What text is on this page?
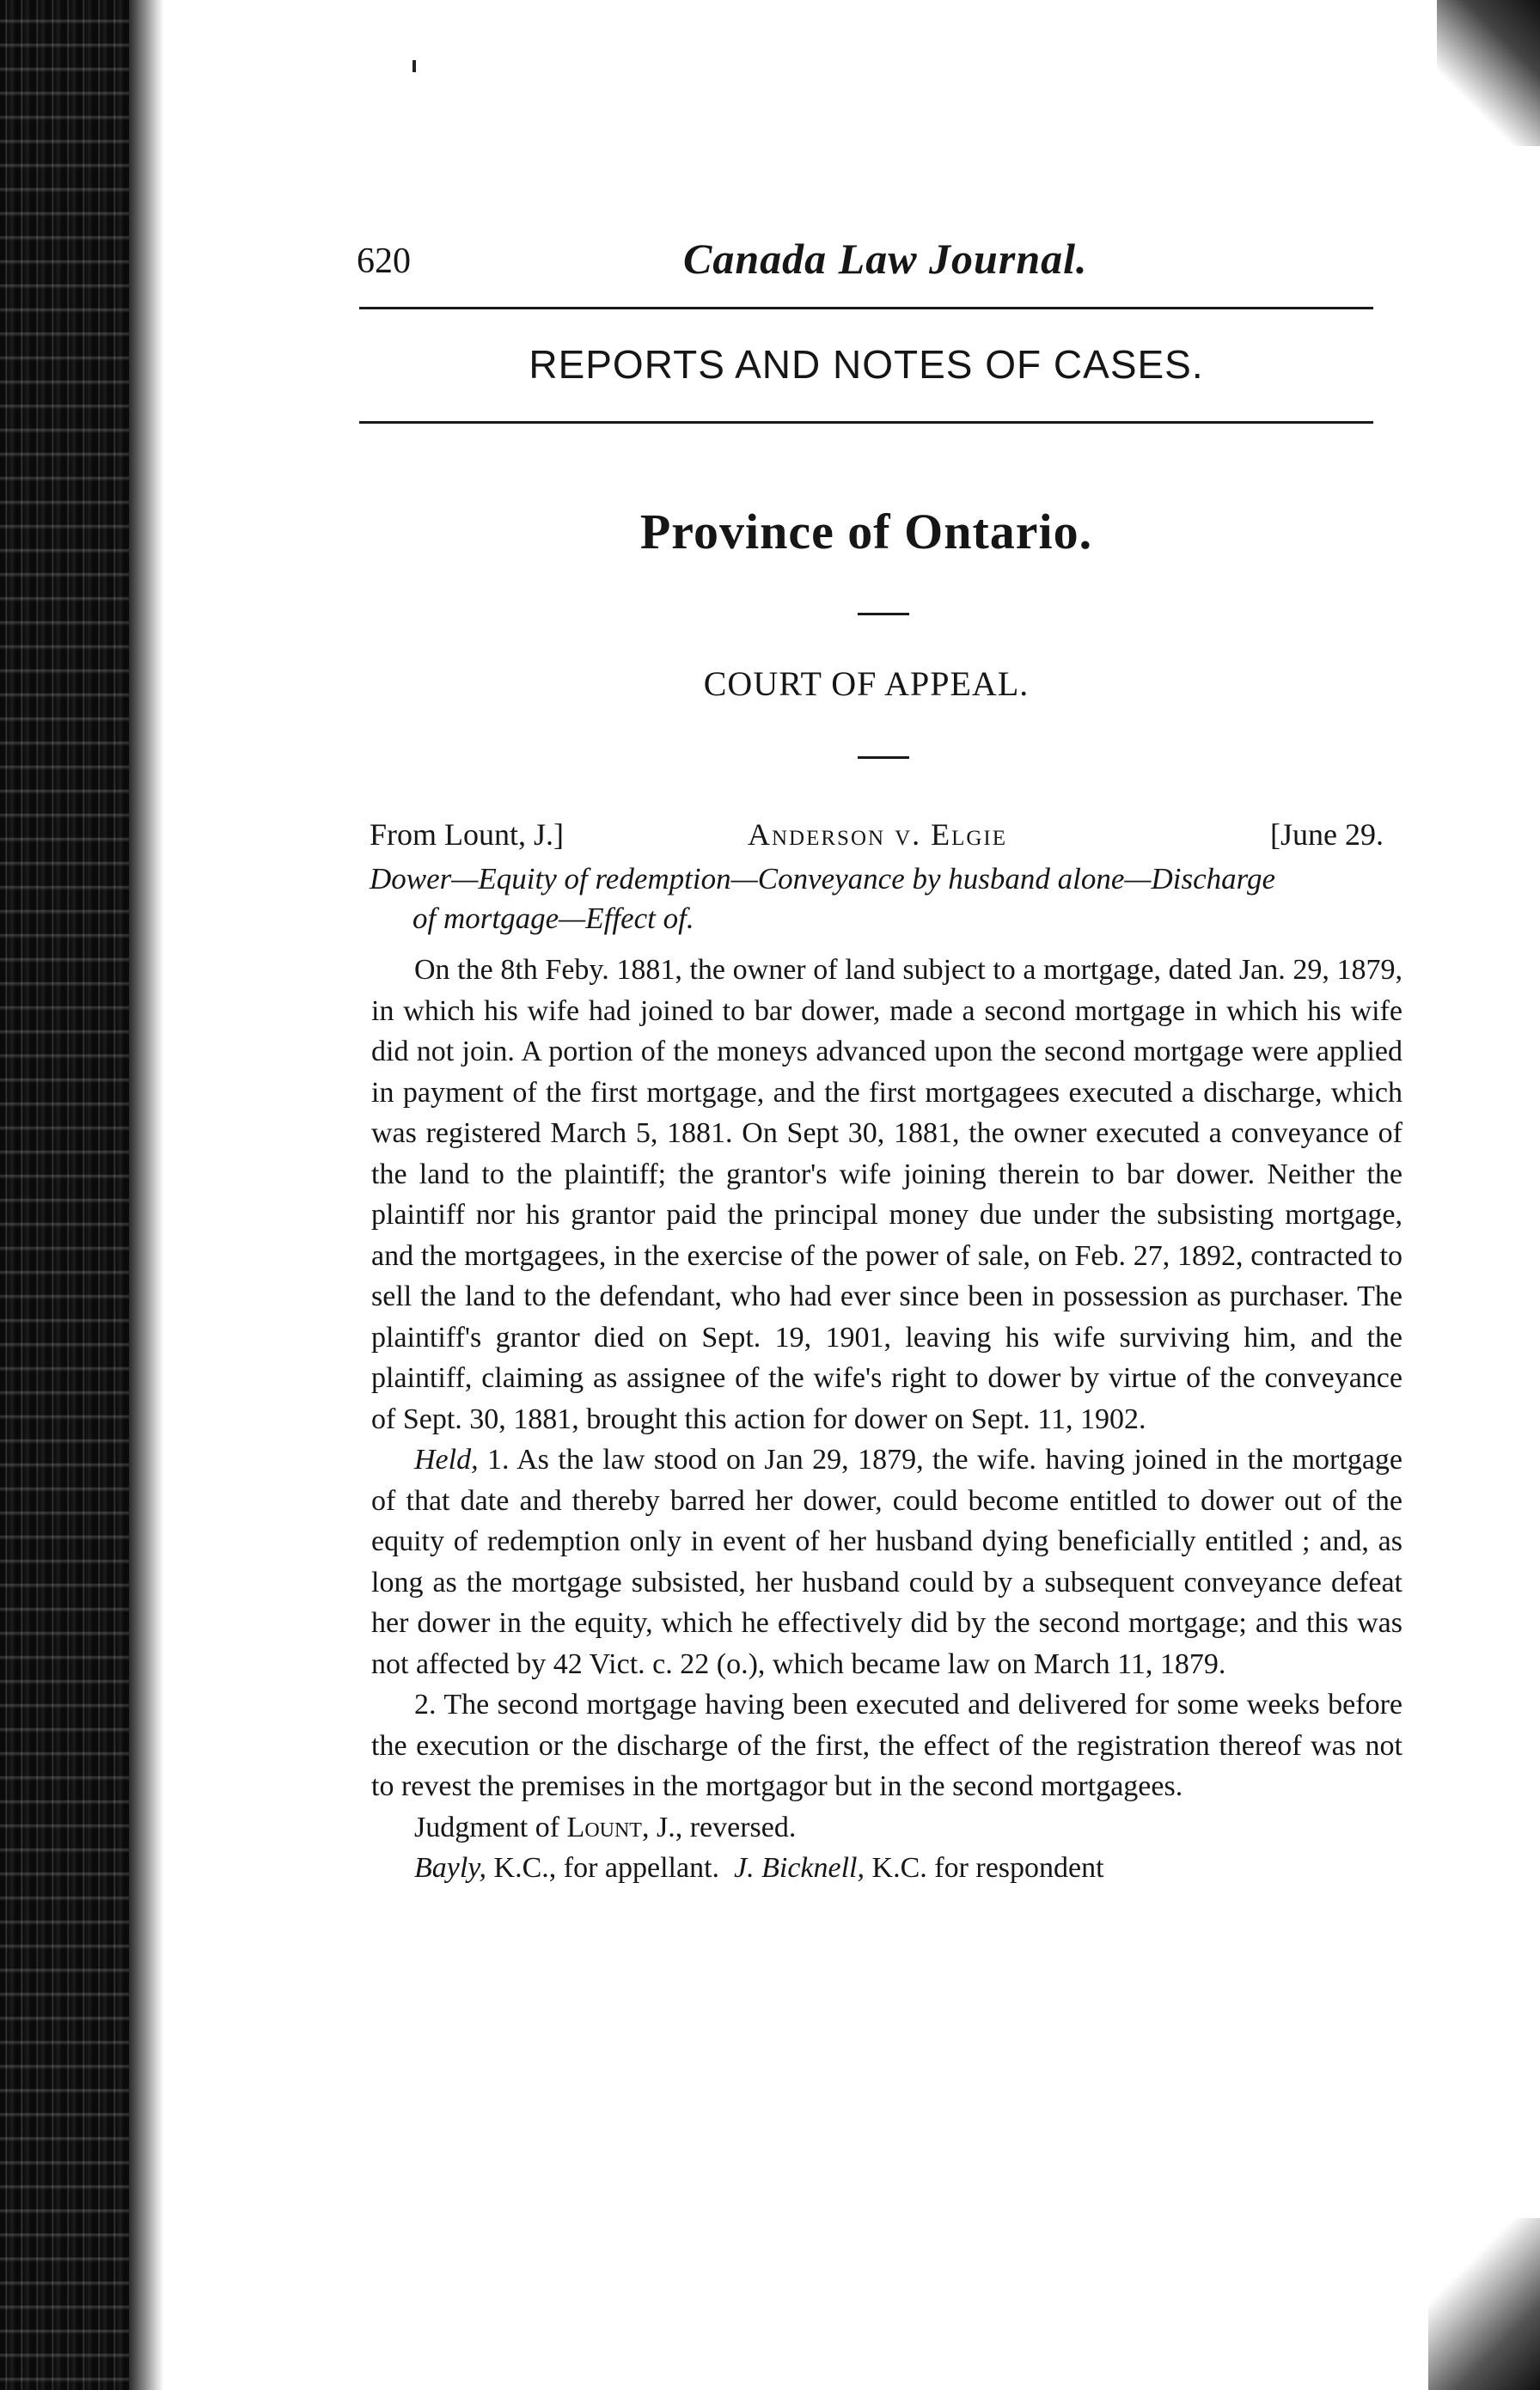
620	Canada Law Journal.
REPORTS AND NOTES OF CASES.
Province of Ontario.
COURT OF APPEAL.
From Lount, J.]	Anderson v. Elgie	[June 29.
Dower—Equity of redemption—Conveyance by husband alone—Discharge
of mortgage—Effect of.

On the 8th Feby. 1881, the owner of land subject to a mortgage, dated Jan. 29, 1879, in which his wife had joined to bar dower, made a second mortgage in which his wife did not join. A portion of the moneys advanced upon the second mortgage were applied in payment of the first mortgage, and the first mortgagees executed a discharge, which was registered March 5, 1881. On Sept 30, 1881, the owner executed a conveyance of the land to the plaintiff; the grantor's wife joining therein to bar dower. Neither the plaintiff nor his grantor paid the principal money due under the subsisting mortgage, and the mortgagees, in the exercise of the power of sale, on Feb. 27, 1892, contracted to sell the land to the defendant, who had ever since been in possession as purchaser. The plaintiff's grantor died on Sept. 19, 1901, leaving his wife surviving him, and the plaintiff, claiming as assignee of the wife's right to dower by virtue of the conveyance of Sept. 30, 1881, brought this action for dower on Sept. 11, 1902.

Held, 1. As the law stood on Jan 29, 1879, the wife. having joined in the mortgage of that date and thereby barred her dower, could become entitled to dower out of the equity of redemption only in event of her husband dying beneficially entitled ; and, as long as the mortgage subsisted, her husband could by a subsequent conveyance defeat her dower in the equity, which he effectively did by the second mortgage; and this was not affected by 42 Vict. c. 22 (o.), which became law on March 11, 1879.

2. The second mortgage having been executed and delivered for some weeks before the execution or the discharge of the first, the effect of the registration thereof was not to revest the premises in the mortgagor but in the second mortgagees.

Judgment of Lount, J., reversed.

Bayly, K.C., for appellant. J. Bicknell, K.C. for respondent
